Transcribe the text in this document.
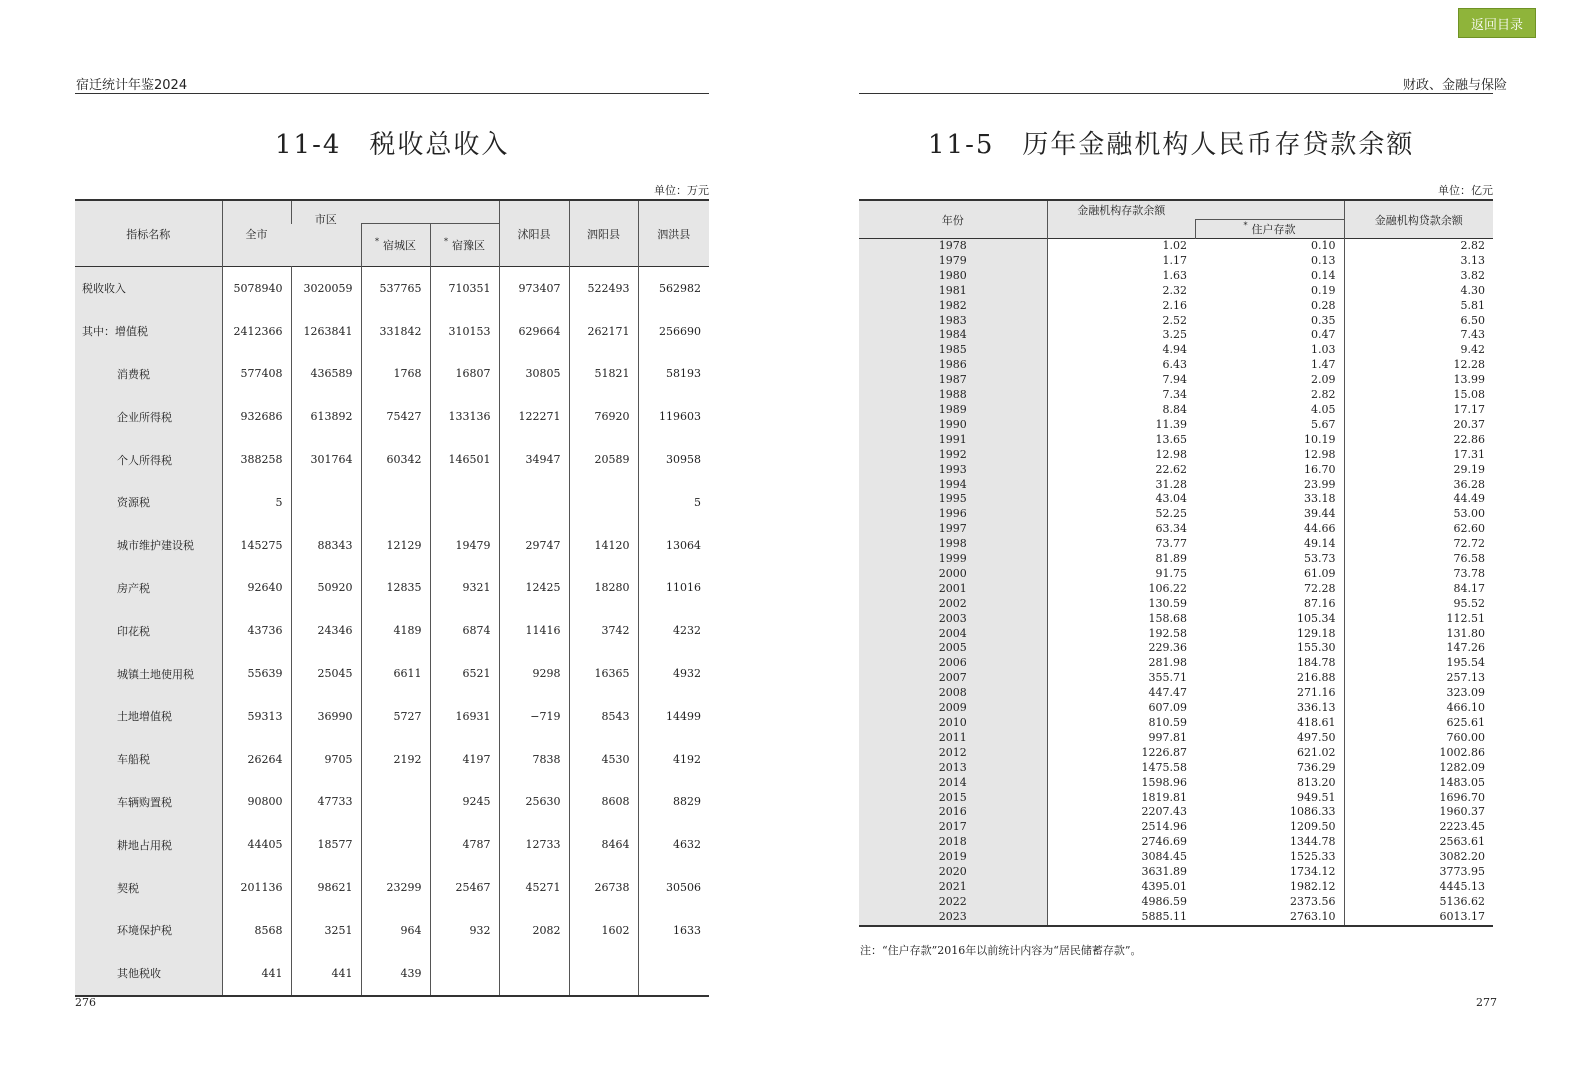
返回目录
宿迁统计年鉴2024	财政、金融与保险
11-4　税收总收入
单位：万元
指标名称	全市				沭阳县	泗阳县	泗洪县
		市区	* 宿城区	* 宿豫区			
税收收入	5078940	3020059	537765	710351	973407	522493	562982
其中：增值税	2412366	1263841	331842	310153	629664	262171	256690
消费税	577408	436589	1768	16807	30805	51821	58193
企业所得税	932686	613892	75427	133136	122271	76920	119603
个人所得税	388258	301764	60342	146501	34947	20589	30958
资源税	5						5
城市维护建设税	145275	88343	12129	19479	29747	14120	13064
房产税	92640	50920	12835	9321	12425	18280	11016
印花税	43736	24346	4189	6874	11416	3742	4232
城镇土地使用税	55639	25045	6611	6521	9298	16365	4932
土地增值税	59313	36990	5727	16931	−719	8543	14499
车船税	26264	9705	2192	4197	7838	4530	4192
车辆购置税	90800	47733		9245	25630	8608	8829
耕地占用税	44405	18577		4787	12733	8464	4632
契税	201136	98621	23299	25467	45271	26738	30506
环境保护税	8568	3251	964	932	2082	1602	1633
其他税收	441	441	439				
276
11-5　历年金融机构人民币存贷款余额
单位：亿元
年份	金融机构存款余额		金融机构贷款余额
		* 住户存款	
1978	1.02	0.10	2.82
1979	1.17	0.13	3.13
1980	1.63	0.14	3.82
1981	2.32	0.19	4.30
1982	2.16	0.28	5.81
1983	2.52	0.35	6.50
1984	3.25	0.47	7.43
1985	4.94	1.03	9.42
1986	6.43	1.47	12.28
1987	7.94	2.09	13.99
1988	7.34	2.82	15.08
1989	8.84	4.05	17.17
1990	11.39	5.67	20.37
1991	13.65	10.19	22.86
1992	12.98	12.98	17.31
1993	22.62	16.70	29.19
1994	31.28	23.99	36.28
1995	43.04	33.18	44.49
1996	52.25	39.44	53.00
1997	63.34	44.66	62.60
1998	73.77	49.14	72.72
1999	81.89	53.73	76.58
2000	91.75	61.09	73.78
2001	106.22	72.28	84.17
2002	130.59	87.16	95.52
2003	158.68	105.34	112.51
2004	192.58	129.18	131.80
2005	229.36	155.30	147.26
2006	281.98	184.78	195.54
2007	355.71	216.88	257.13
2008	447.47	271.16	323.09
2009	607.09	336.13	466.10
2010	810.59	418.61	625.61
2011	997.81	497.50	760.00
2012	1226.87	621.02	1002.86
2013	1475.58	736.29	1282.09
2014	1598.96	813.20	1483.05
2015	1819.81	949.51	1696.70
2016	2207.43	1086.33	1960.37
2017	2514.96	1209.50	2223.45
2018	2746.69	1344.78	2563.61
2019	3084.45	1525.33	3082.20
2020	3631.89	1734.12	3773.95
2021	4395.01	1982.12	4445.13
2022	4986.59	2373.56	5136.62
2023	5885.11	2763.10	6013.17
注：“住户存款”2016年以前统计内容为“居民储蓄存款”。
277
